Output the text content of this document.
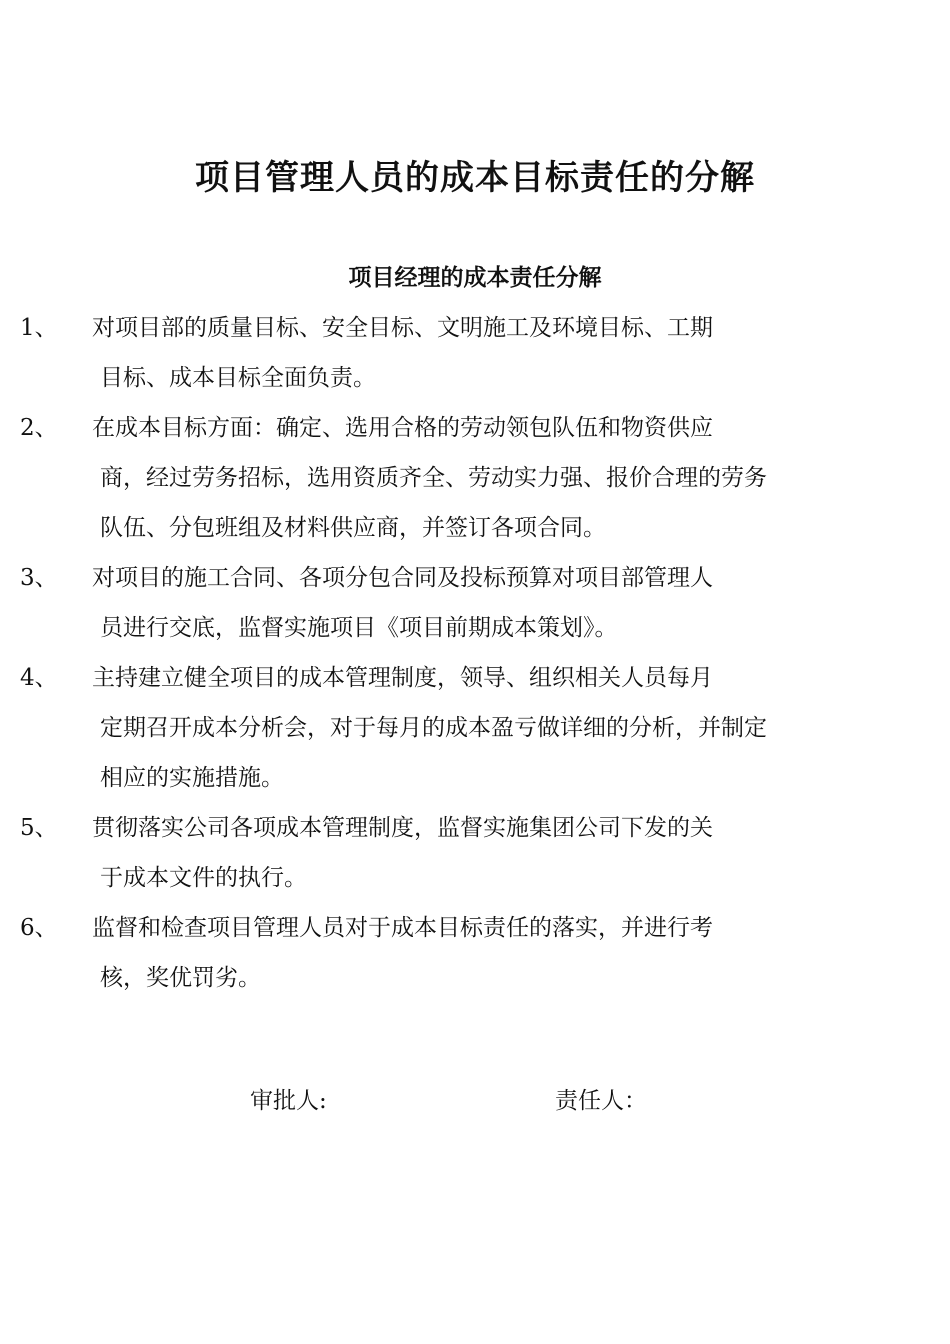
项目管理人员的成本目标责任的分解
项目经理的成本责任分解
1、	对项目部的质量目标、安全目标、文明施工及环境目标、工期
目标、成本目标全面负责。
2、	在成本目标方面：确定、选用合格的劳动领包队伍和物资供应
商，经过劳务招标，选用资质齐全、劳动实力强、报价合理的劳务
队伍、分包班组及材料供应商，并签订各项合同。
3、	对项目的施工合同、各项分包合同及投标预算对项目部管理人
员进行交底，监督实施项目《项目前期成本策划》。
4、	主持建立健全项目的成本管理制度，领导、组织相关人员每月
定期召开成本分析会，对于每月的成本盈亏做详细的分析，并制定
相应的实施措施。
5、	贯彻落实公司各项成本管理制度，监督实施集团公司下发的关
于成本文件的执行。
6、	监督和检查项目管理人员对于成本目标责任的落实，并进行考
核，奖优罚劣。
审批人:	责任人：
